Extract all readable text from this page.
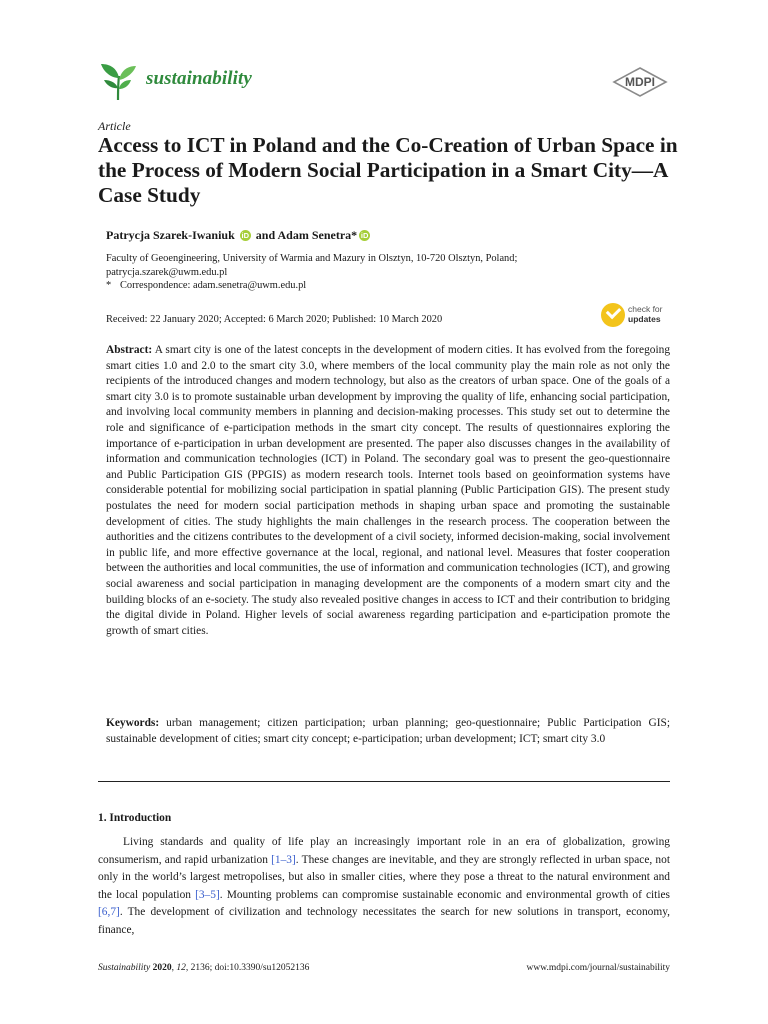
sustainability	MDPI
Article
Access to ICT in Poland and the Co-Creation of Urban Space in the Process of Modern Social Participation in a Smart City—A Case Study
Patrycja Szarek-Iwaniuk iD and Adam Senetra* iD
Faculty of Geoengineering, University of Warmia and Mazury in Olsztyn, 10-720 Olsztyn, Poland;
patrycja.szarek@uwm.edu.pl
* Correspondence: adam.senetra@uwm.edu.pl
Received: 22 January 2020; Accepted: 6 March 2020; Published: 10 March 2020
check for
updates

Abstract: A smart city is one of the latest concepts in the development of modern cities. It has evolved from the foregoing smart cities 1.0 and 2.0 to the smart city 3.0, where members of the local community play the main role as not only the recipients of the introduced changes and modern technology, but also as the creators of urban space. One of the goals of a smart city 3.0 is to promote sustainable urban development by improving the quality of life, enhancing social participation, and involving local community members in planning and decision-making processes. This study set out to determine the role and significance of e-participation methods in the smart city concept. The results of questionnaires exploring the importance of e-participation in urban development are presented. The paper also discusses changes in the availability of information and communication technologies (ICT) in Poland. The secondary goal was to present the geo-questionnaire and Public Participation GIS (PPGIS) as modern research tools. Internet tools based on geoinformation systems have considerable potential for mobilizing social participation in spatial planning (Public Participation GIS). The present study postulates the need for modern social participation methods in shaping urban space and promoting the sustainable development of cities. The study highlights the main challenges in the research process. The cooperation between the authorities and the citizens contributes to the development of a civil society, informed decision-making, social involvement in public life, and more effective governance at the local, regional, and national level. Measures that foster cooperation between the authorities and local communities, the use of information and communication technologies (ICT), and growing social awareness and social participation in managing development are the components of a modern smart city and the building blocks of an e-society. The study also revealed positive changes in access to ICT and their contribution to bridging the digital divide in Poland. Higher levels of social awareness regarding participation and e-participation promote the growth of smart cities.

Keywords: urban management; citizen participation; urban planning; geo-questionnaire; Public Participation GIS; sustainable development of cities; smart city concept; e-participation; urban development; ICT; smart city 3.0

1. Introduction

Living standards and quality of life play an increasingly important role in an era of globalization, growing consumerism, and rapid urbanization [1–3]. These changes are inevitable, and they are strongly reflected in urban space, not only in the world’s largest metropolises, but also in smaller cities, where they pose a threat to the natural environment and the local population [3–5]. Mounting problems can compromise sustainable economic and environmental growth of cities [6,7]. The development of civilization and technology necessitates the search for new solutions in transport, economy, finance,

Sustainability 2020, 12, 2136; doi:10.3390/su12052136	www.mdpi.com/journal/sustainability
